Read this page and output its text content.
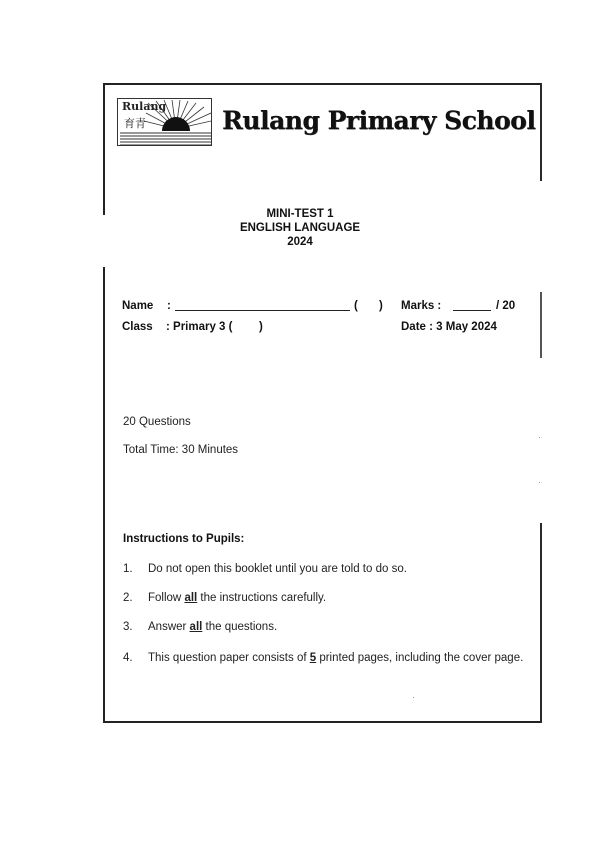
Rulang
育青	Rulang Primary School
MINI-TEST 1
ENGLISH LANGUAGE
2024
Name :	( ) Marks :	/ 20
Class : Primary 3 ( )	Date : 3 May 2024
20 Questions
Total Time: 30 Minutes
Instructions to Pupils:
1. Do not open this booklet until you are told to do so.
2. Follow all the instructions carefully.
3. Answer all the questions.
4. This question paper consists of 5 printed pages, including the cover page.
